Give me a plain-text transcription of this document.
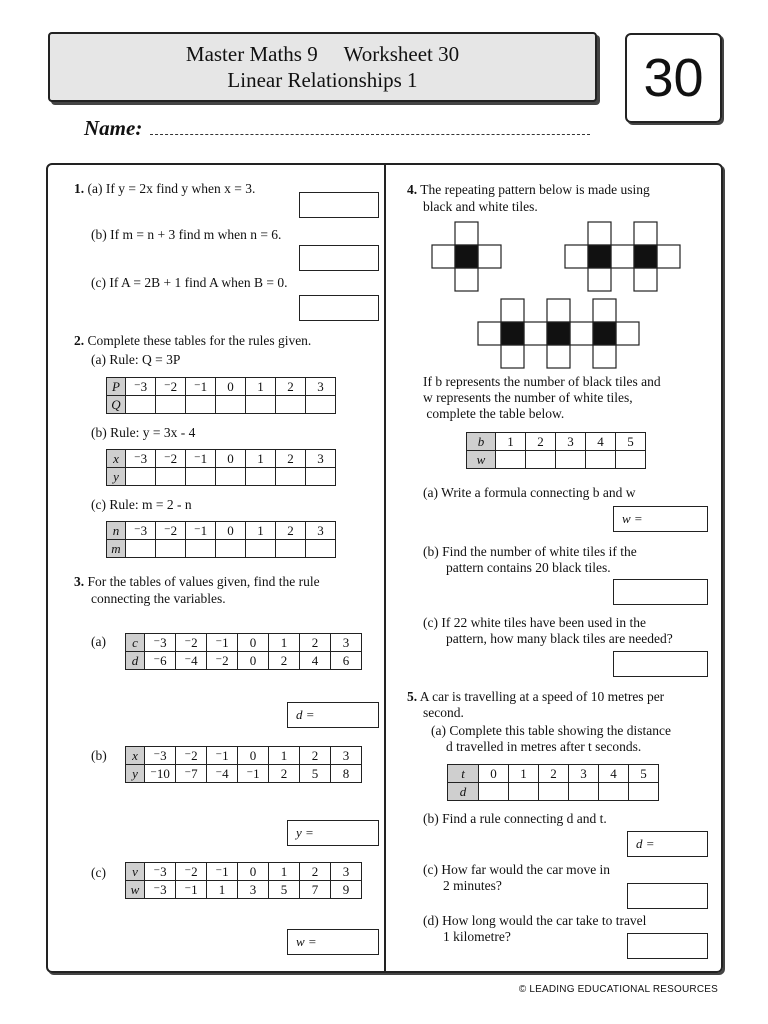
Master Maths 9     Worksheet 30
Linear Relationships 1	30
Name:
1. (a) If y = 2x find y when x = 3.
(b) If m = n + 3 find m when n = 6.
(c) If A = 2B + 1 find A when B = 0.
2. Complete these tables for the rules given.
(a) Rule: Q = 3P
P	⁻3	⁻2	⁻1	0	1	2	3
Q							
(b) Rule: y = 3x - 4
x	⁻3	⁻2	⁻1	0	1	2	3
y							
(c) Rule: m = 2 - n
n	⁻3	⁻2	⁻1	0	1	2	3
m							
3. For the tables of values given, find the rule
connecting the variables.
(a) c	⁻3	⁻2	⁻1	0	1	2	3
d	⁻6	⁻4	⁻2	0	2	4	6
d =
(b) x	⁻3	⁻2	⁻1	0	1	2	3
y	⁻10	⁻7	⁻4	⁻1	2	5	8
y =
(c) v	⁻3	⁻2	⁻1	0	1	2	3
w	⁻3	⁻1	1	3	5	7	9
w =
4. The repeating pattern below is made using
black and white tiles.
If b represents the number of black tiles and
w represents the number of white tiles,
complete the table below.
b	1	2	3	4	5
w					
(a) Write a formula connecting b and w
w =
(b) Find the number of white tiles if the
pattern contains 20 black tiles.
(c) If 22 white tiles have been used in the
pattern, how many black tiles are needed?
5. A car is travelling at a speed of 10 metres per
second.
(a) Complete this table showing the distance
d travelled in metres after t seconds.
t	0	1	2	3	4	5
d						
(b) Find a rule connecting d and t.
d =
(c) How far would the car move in
2 minutes?
(d) How long would the car take to travel
1 kilometre?
© LEADING EDUCATIONAL RESOURCES
